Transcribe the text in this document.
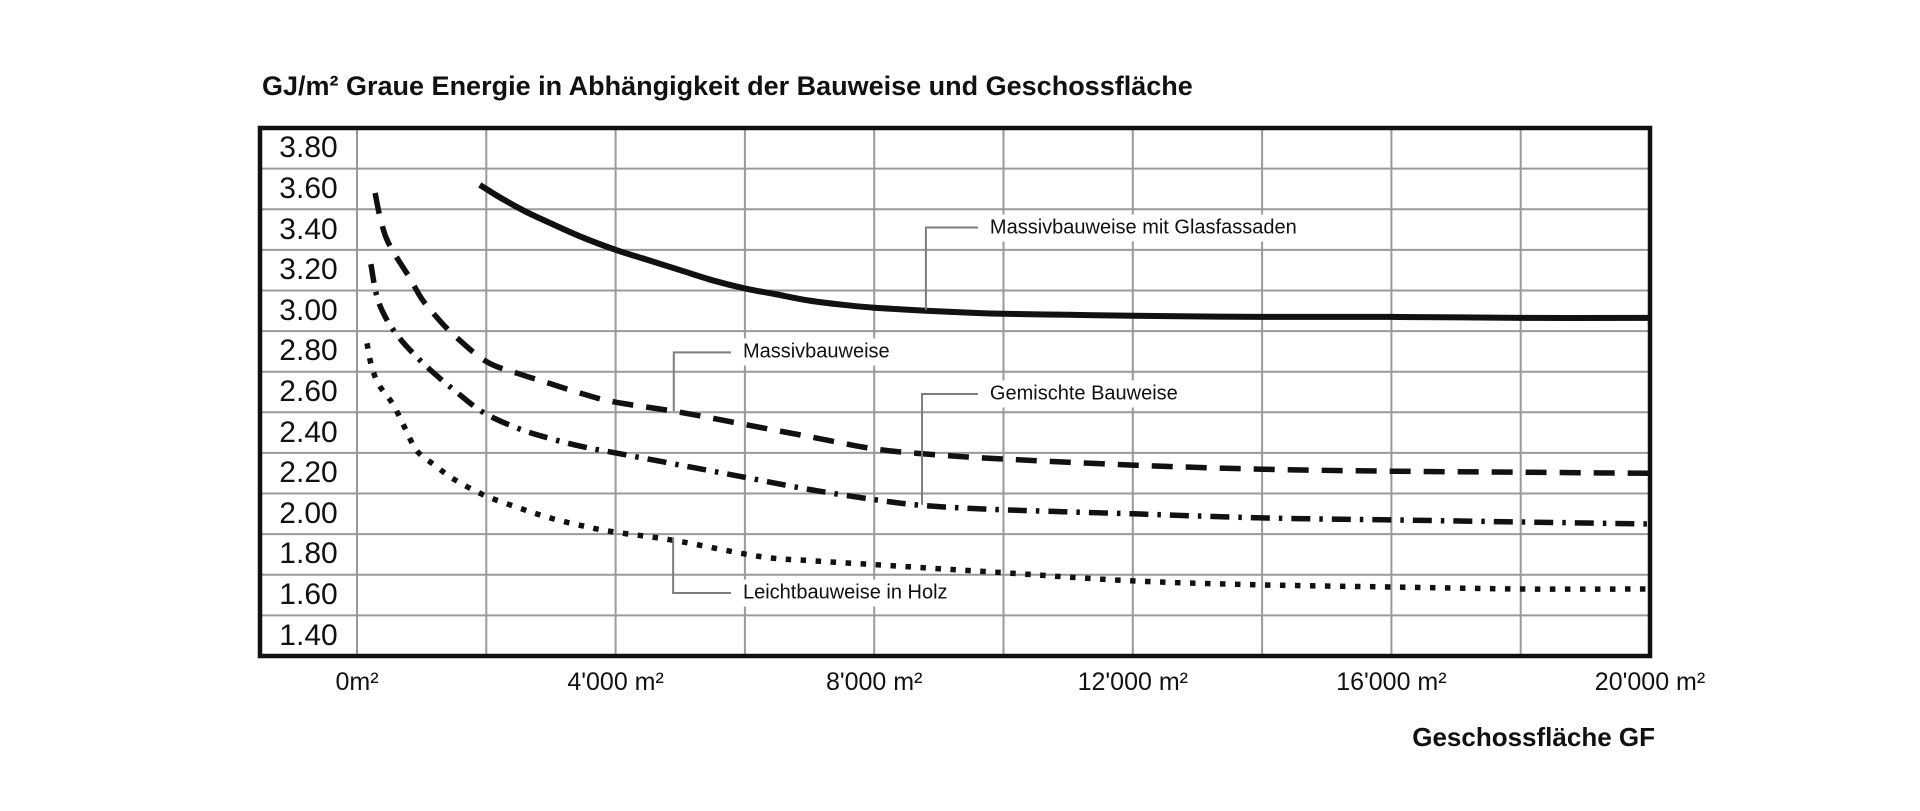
GJ/m² Graue Energie in Abhängigkeit der Bauweise und Geschossfläche
3.80
3.60
3.40
3.20
3.00
2.80
2.60
2.40
2.20
2.00
1.80
1.60
1.40
0m²	4'000 m²	8'000 m²	12'000 m²	16'000 m²	20'000 m²
Massivbauweise mit Glasfassaden
Massivbauweise
Gemischte Bauweise
Leichtbauweise in Holz
Geschossfläche GF
